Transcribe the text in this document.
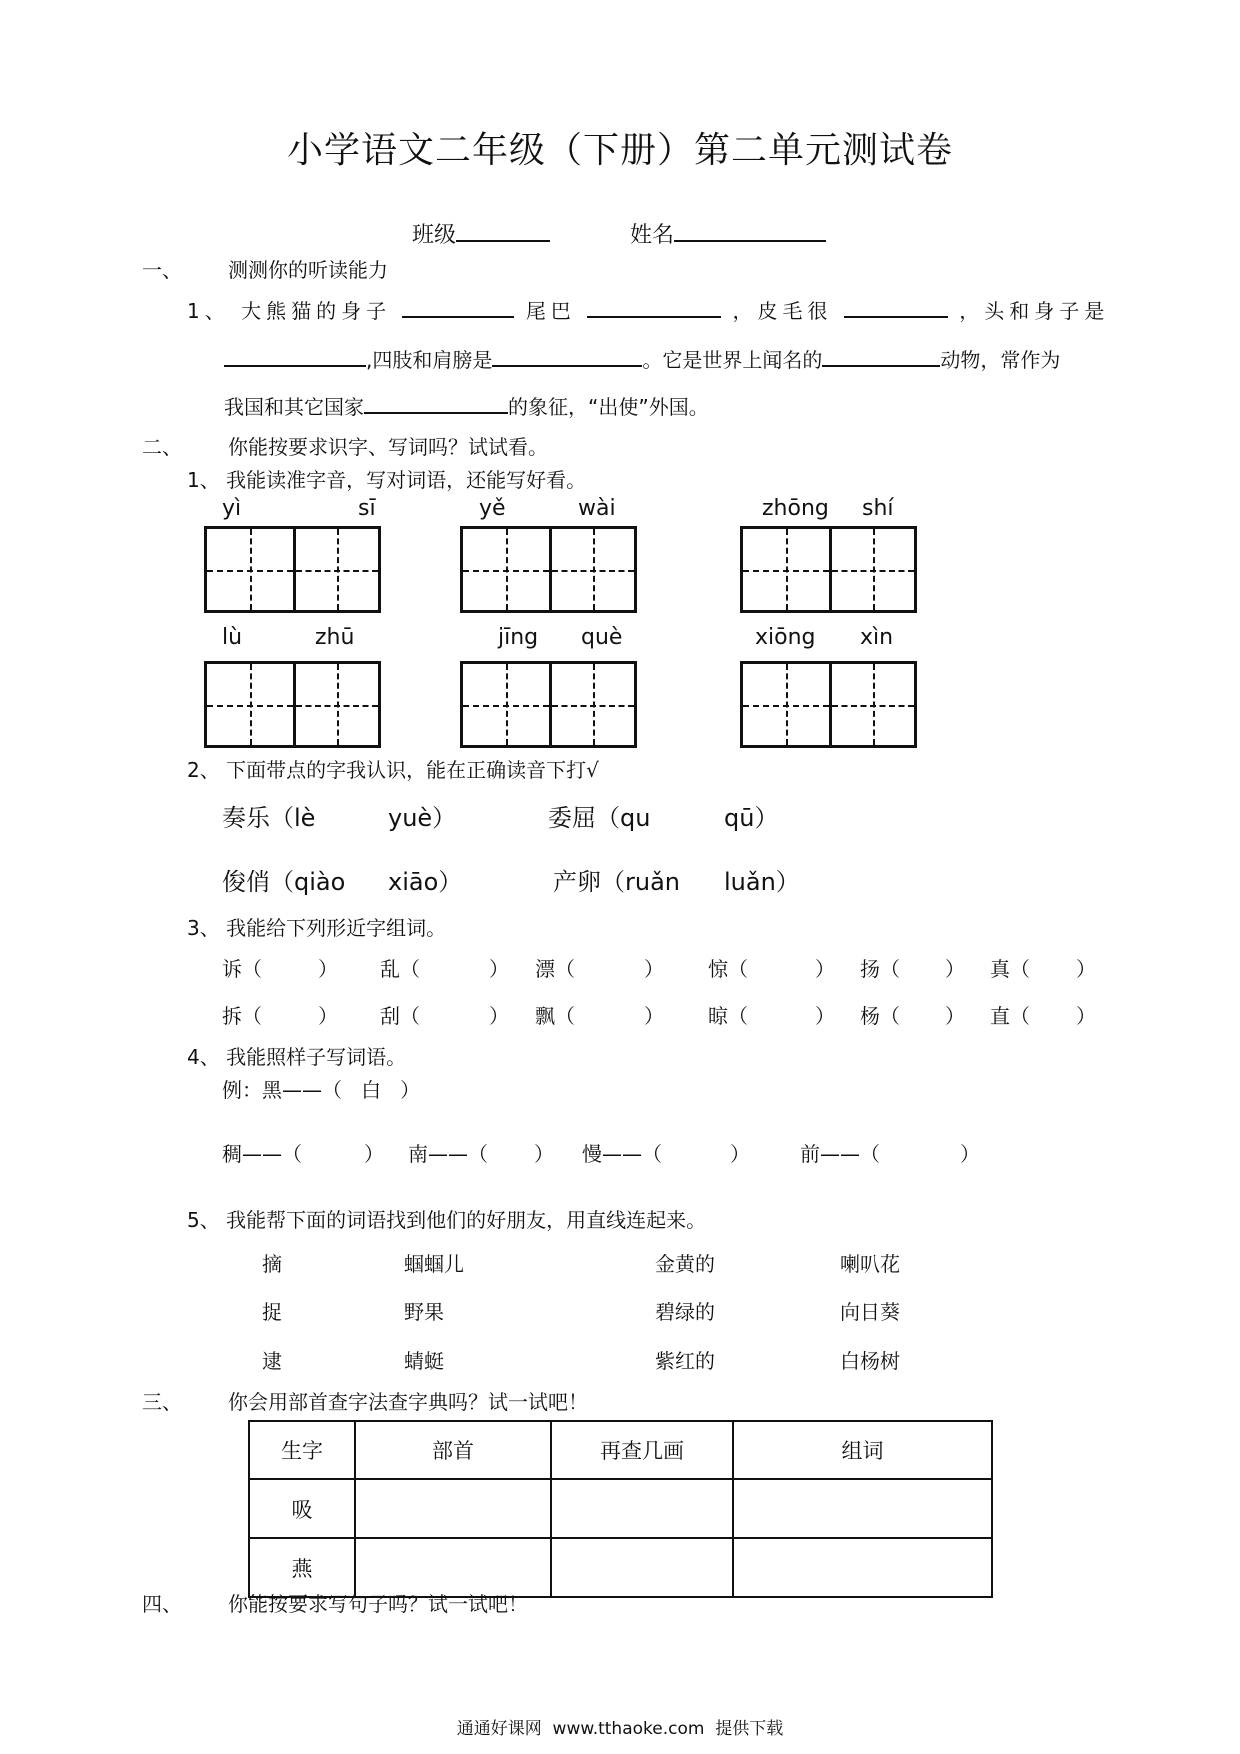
小学语文二年级（下册）第二单元测试卷
班级	姓名
一、 测测你的听读能力
1、 大熊猫的身子	尾巴	，皮毛很	，头和身子是
,四肢和肩膀是	。它是世界上闻名的	动物，常作为
我国和其它国家	的象征，“出使”外国。
二、 你能按要求识字、写词吗？试试看。
1、 我能读准字音，写对词语，还能写好看。
yì	sī	yě	wài	zhōng shí
lù	zhū	jīng què	xiōng xìn
2、 下面带点的字我认识，能在正确读音下打√
奏乐（lè	yuè）	委屈（qu	qū）
俊俏（qiào xiāo）	产卵（ruǎn luǎn）
3、 我能给下列形近字组词。
诉（	） 乱（	） 漂（	） 惊（	） 扬（ ） 真（ ）
拆（	） 刮（	） 飘（	） 晾（	） 杨（ ） 直（ ）
4、 我能照样子写词语。
例：黑——（   白   ）
稠——（	） 南——（ ） 慢——（	）	前——（	）
5、 我能帮下面的词语找到他们的好朋友，用直线连起来。
摘	蝈蝈儿	金黄的	喇叭花
捉	野果	碧绿的	向日葵
逮	蜻蜓	紫红的	白杨树
三、 你会用部首查字法查字典吗？试一试吧！
生字	部首	再查几画	组词
吸			
燕			
四、 你能按要求写句子吗？试一试吧！
通通好课网  www.tthaoke.com  提供下载
